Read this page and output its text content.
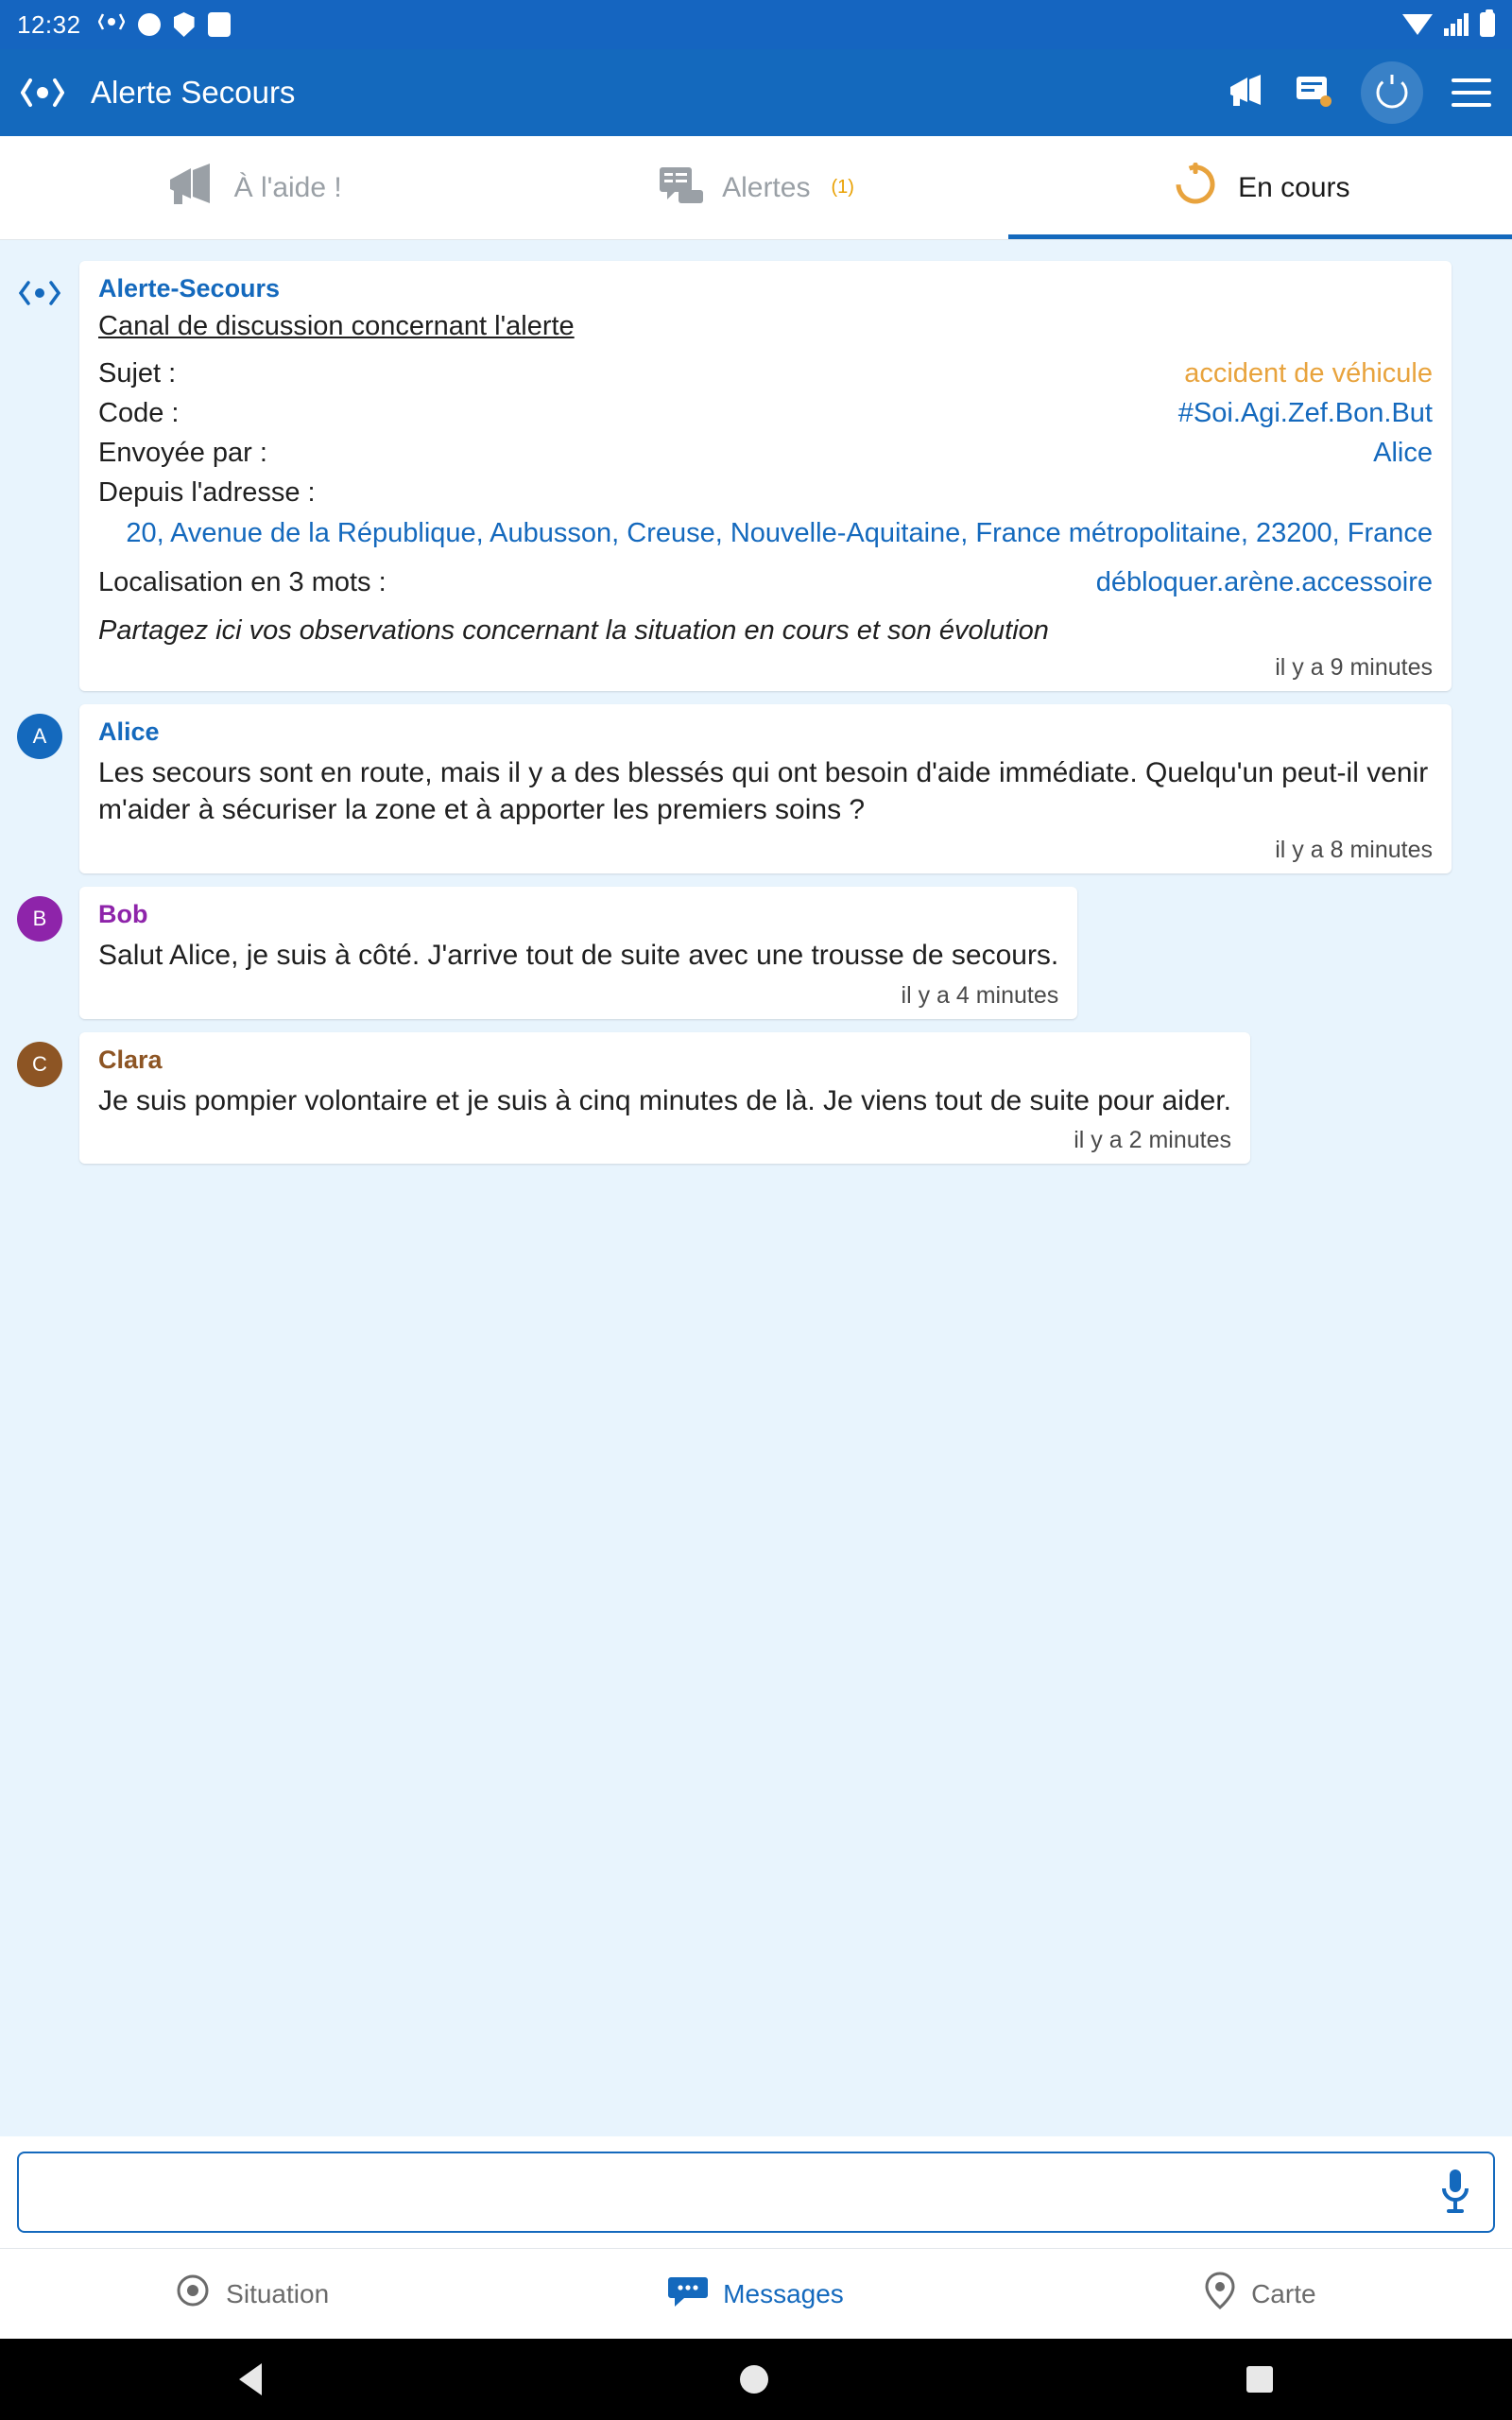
12:32
Alerte Secours
À l'aide !	Alertes (1)	En cours
Alerte-Secours
Canal de discussion concernant l'alerte
Sujet :	accident de véhicule
Code :	#Soi.Agi.Zef.Bon.But
Envoyée par :	Alice
Depuis l'adresse :
20, Avenue de la République, Aubusson, Creuse, Nouvelle-Aquitaine, France métropolitaine, 23200, France
Localisation en 3 mots :	débloquer.arène.accessoire
Partagez ici vos observations concernant la situation en cours et son évolution
il y a 9 minutes
A	Alice
Les secours sont en route, mais il y a des blessés qui ont besoin d'aide immédiate. Quelqu'un peut-il venir m'aider à sécuriser la zone et à apporter les premiers soins ?
il y a 8 minutes
B	Bob
Salut Alice, je suis à côté. J'arrive tout de suite avec une trousse de secours.
il y a 4 minutes
C	Clara
Je suis pompier volontaire et je suis à cinq minutes de là. Je viens tout de suite pour aider.
il y a 2 minutes
Situation	Messages	Carte
